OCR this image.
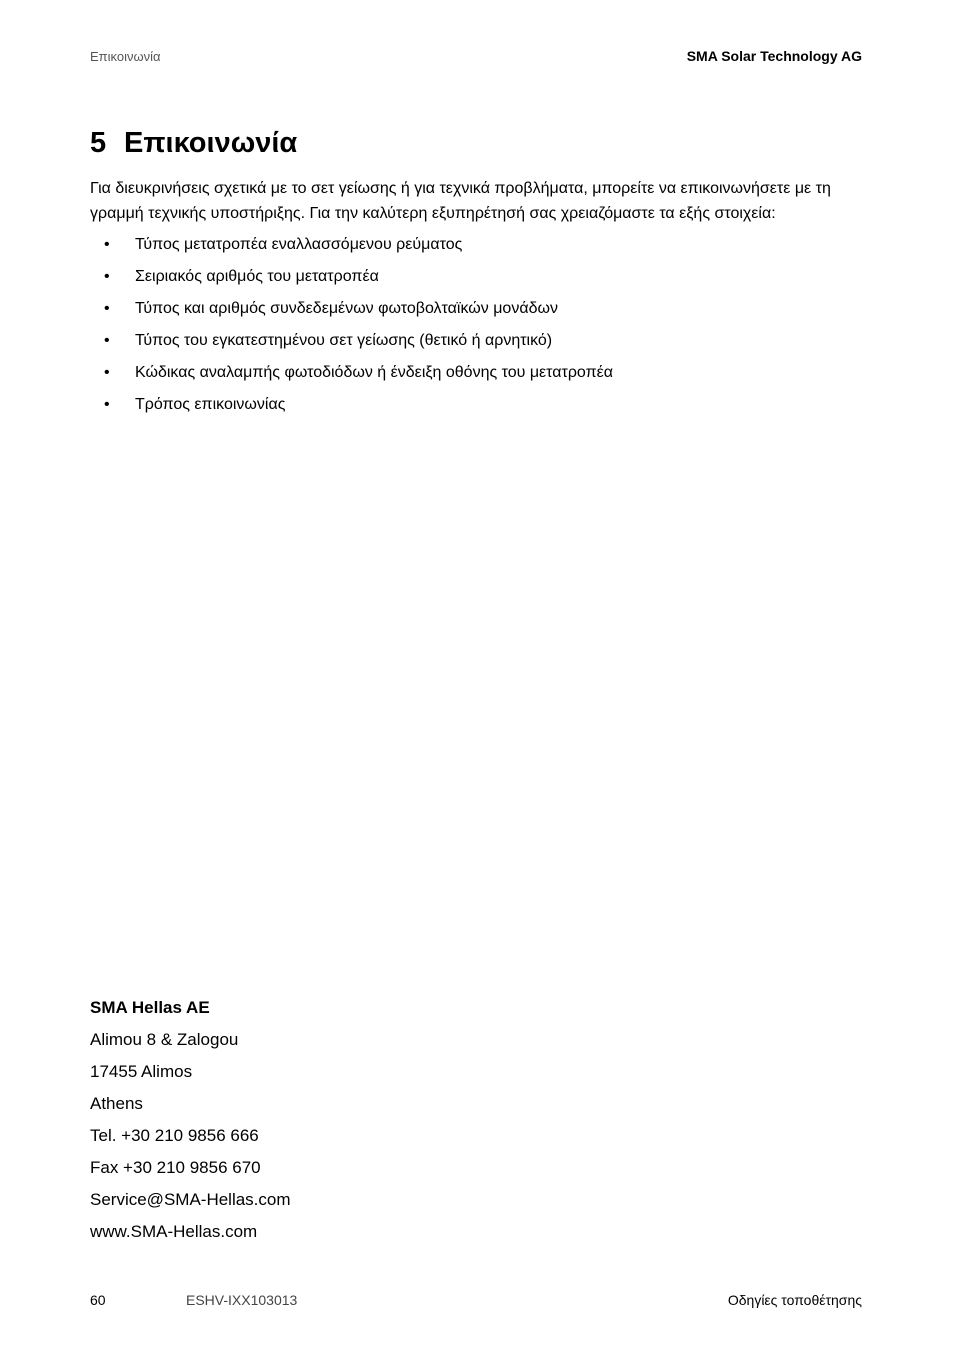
Επικοινωνία	SMA Solar Technology AG
5 Επικοινωνία

Για διευκρινήσεις σχετικά με το σετ γείωσης ή για τεχνικά προβλήματα, μπορείτε να επικοινωνήσετε με τη γραμμή τεχνικής υποστήριξης. Για την καλύτερη εξυπηρέτησή σας χρειαζόμαστε τα εξής στοιχεία:

• Τύπος μετατροπέα εναλλασσόμενου ρεύματος
• Σειριακός αριθμός του μετατροπέα
• Τύπος και αριθμός συνδεδεμένων φωτοβολταϊκών μονάδων
• Τύπος του εγκατεστημένου σετ γείωσης (θετικό ή αρνητικό)
• Κώδικας αναλαμπής φωτοδιόδων ή ένδειξη οθόνης του μετατροπέα
• Τρόπος επικοινωνίας
SMA Hellas AE
Alimou 8 & Zalogou
17455 Alimos
Athens
Tel. +30 210 9856 666
Fax +30 210 9856 670
Service@SMA-Hellas.com
www.SMA-Hellas.com
60	ESHV-IXX103013	Οδηγίες τοποθέτησης
